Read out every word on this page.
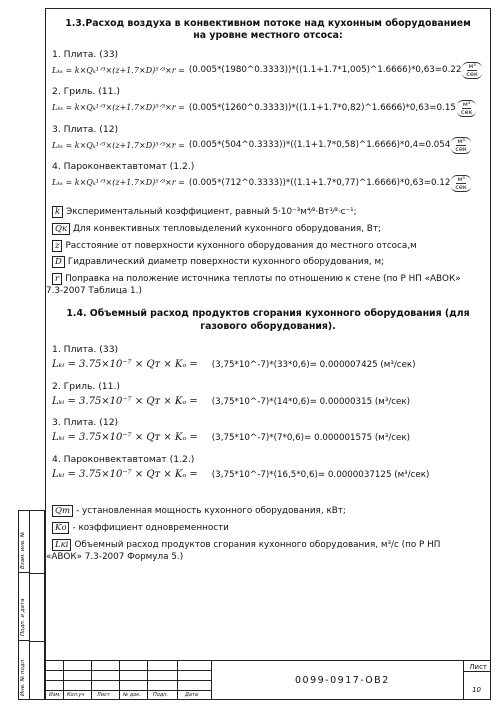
1.3.Расход воздуха в конвективном потоке над кухонным оборудованием на уровне местного отсоса:
1. Плита. (33)
Lₖₛ = k×Qₖ¹ᐟ³×(z+1.7×D)⁵ᐟ³×r = (0.005*(1980^0.3333))*((1.1+1.7*1,005)^1.6666)*0,63=0.22 м³
сек
2. Гриль. (11.)
Lₖₛ = k×Qₖ¹ᐟ³×(z+1.7×D)⁵ᐟ³×r = (0.005*(1260^0.3333))*((1.1+1.7*0,82)^1.6666)*0,63=0.15 м³
сек
3. Плита. (12)
Lₖₛ = k×Qₖ¹ᐟ³×(z+1.7×D)⁵ᐟ³×r = (0.005*(504^0.3333))*((1.1+1.7*0,58)^1.6666)*0,4=0.054 м³
сек
4. Пароконвектавтомат (1.2.)
Lₖₛ = k×Qₖ¹ᐟ³×(z+1.7×D)⁵ᐟ³×r = (0.005*(712^0.3333))*((1.1+1.7*0,77)^1.6666)*0,63=0.12 м³
сек
k Экспериментальный коэффициент, равный 5·10⁻³м⁴⁄³·Вт¹⁄³·с⁻¹;
Qк Для конвективных тепловыделений кухонного оборудования, Вт;
z Расстояние от поверхности кухонного оборудования до местного отсоса,м
D Гидравлический диаметр поверхности кухонного оборудования, м;
r Поправка на положение источника теплоты по отношению к стене (по Р НП «АВОК»
7.3-2007 Таблица 1.)
1.4. Объемный расход продуктов сгорания кухонного оборудования (для газового оборудования).
1. Плита. (33)
Lₖᵢ = 3.75×10⁻⁷ × Qᴛ × Kₒ = (3,75*10^-7)*(33*0,6)= 0.000007425 (м³/сек)
2. Гриль. (11.)
Lₖᵢ = 3.75×10⁻⁷ × Qᴛ × Kₒ = (3,75*10^-7)*(14*0,6)= 0.00000315 (м³/сек)
3. Плита. (12)
Lₖᵢ = 3.75×10⁻⁷ × Qᴛ × Kₒ = (3,75*10^-7)*(7*0,6)= 0.000001575 (м³/сек)
4. Пароконвектавтомат (1.2.)
Lₖᵢ = 3.75×10⁻⁷ × Qᴛ × Kₒ = (3,75*10^-7)*(16,5*0,6)= 0.0000037125 (м³/сек)
Qт - установленная мощность кухонного оборудования, кВт;
Kо - коэффициент одновременности
Lкi Объемный расход продуктов сгорания кухонного оборудования, м³/с (по Р НП
«АВОК» 7.3-2007 Формула 5.)
Взам. инв. №
Подп. и дата
Инв. № подл.	Изм. Кол.уч	Лист	№ док. Подп.	Дата
0099-0917-ОВ2
Лист
10
